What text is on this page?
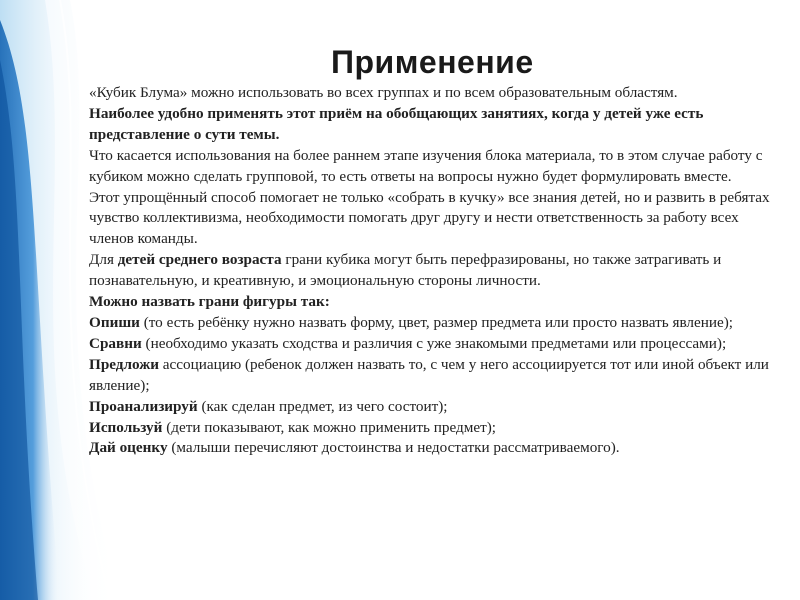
Применение

«Кубик Блума» можно использовать во всех группах и по всем образовательным областям.

Наиболее удобно применять этот приём на обобщающих занятиях, когда у детей уже есть представление о сути темы.

Что касается использования на более раннем этапе изучения блока материала, то в этом случае работу с кубиком можно сделать групповой, то есть ответы на вопросы нужно будет формулировать вместе.

Этот упрощённый способ помогает не только «собрать в кучку» все знания детей, но и развить в ребятах чувство коллективизма, необходимости помогать друг другу и нести ответственность за работу всех членов команды.

Для детей среднего возраста грани кубика могут быть перефразированы, но также затрагивать и познавательную, и креативную, и эмоциональную стороны личности.

Можно назвать грани фигуры так:

Опиши (то есть ребёнку нужно назвать форму, цвет, размер предмета или просто назвать явление);

Сравни (необходимо указать сходства и различия с уже знакомыми предметами или процессами);

Предложи ассоциацию (ребенок должен назвать то, с чем у него ассоциируется тот или иной объект или явление);

Проанализируй (как сделан предмет, из чего состоит);

Используй (дети показывают, как можно применить предмет);

Дай оценку (малыши перечисляют достоинства и недостатки рассматриваемого).
